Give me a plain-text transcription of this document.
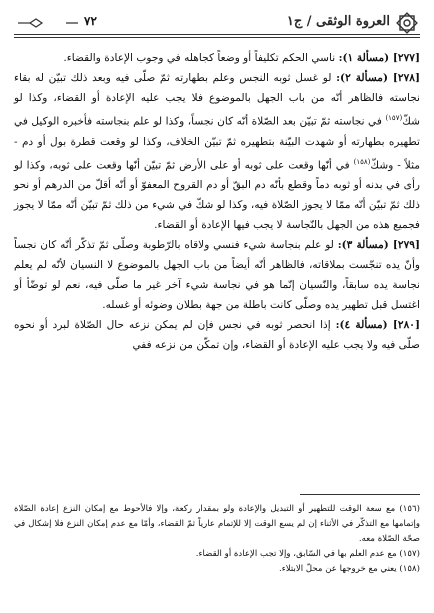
العروة الوثقى / ج١
٧٢

[٢٧٧] (مسألة ١): ناسي الحكم تكليفاً أو وضعاً كجاهله في وجوب الإعادة والقضاء.

[٢٧٨] (مسألة ٢): لو غسل ثوبه النجس وعلم بطهارته ثمّ صلّى فيه وبعد ذلك تبيّن له بقاء نجاسته فالظاهر أنّه من باب الجهل بالموضوع فلا يجب عليه الإعادة أو القضاء، وكذا لو شكّ$^{(١٥٧)}$ في نجاسته ثمّ تبيّن بعد الصّلاة أنّه كان نجساً، وكذا لو علم بنجاسته فأخبره الوكيل في تطهيره بطهارته أو شهدت البيّنة بتطهيره ثمّ تبيّن الخلاف، وكذا لو وقعت قطرة بول أو دم - مثلاً - وشكّ$^{(١٥٨)}$ في أنّها وقعت على ثوبه أو على الأرض ثمّ تبيّن أنّها وقعت على ثوبه، وكذا لو رأى في بدنه أو ثوبه دماً وقطع بأنّه دم البقّ أو دم القروح المعفوّ أو أنّه أقلّ من الدرهم أو نحو ذلك ثمّ تبيّن أنّه ممّا لا يجوز الصّلاة فيه، وكذا لو شكّ في شيء من ذلك ثمّ تبيّن أنّه ممّا لا يجوز فجميع هذه من الجهل بالنّجاسة لا يجب فيها الإعادة أو القضاء.

[٢٧٩] (مسألة ٣): لو علم بنجاسة شيء فنسي ولاقاه بالرّطوبة وصلّى ثمّ تذكّر أنّه كان نجساً وأنّ يده تنجّست بملاقاته، فالظاهر أنّه أيضاً من باب الجهل بالموضوع لا النسيان لأنّه لم يعلم نجاسة يده سابقاً، والنّسيان إنّما هو في نجاسة شيء آخر غير ما صلّى فيه، نعم لو توضّأ أو اغتسل قبل تطهير يده وصلّى كانت باطلة من جهة بطلان وضوئه أو غسله.

[٢٨٠] (مسألة ٤): إذا انحصر ثوبه في نجس فإن لم يمكن نزعه حال الصّلاة لبرد أو نحوه صلّى فيه ولا يجب عليه الإعادة أو القضاء، وإن تمكّن من نزعه ففي

(١٥٦) مع سعة الوقت للتطهير أو التبديل والإعادة ولو بمقدار ركعة، وإلا فالأحوط مع إمكان النزع إعادة الصّلاة وإتمامها مع التذكّر في الأثناء إن لم يسع الوقت إلا للإتمام عارياً ثمّ القضاء، وأمّا مع عدم إمكان النزع فلا إشكال في صحّة الصّلاة معه.

(١٥٧) مع عدم العلم بها في السّابق، وإلا تجب الإعادة أو القضاء.

(١٥٨) يعني مع خروجها عن محلّ الابتلاء.
